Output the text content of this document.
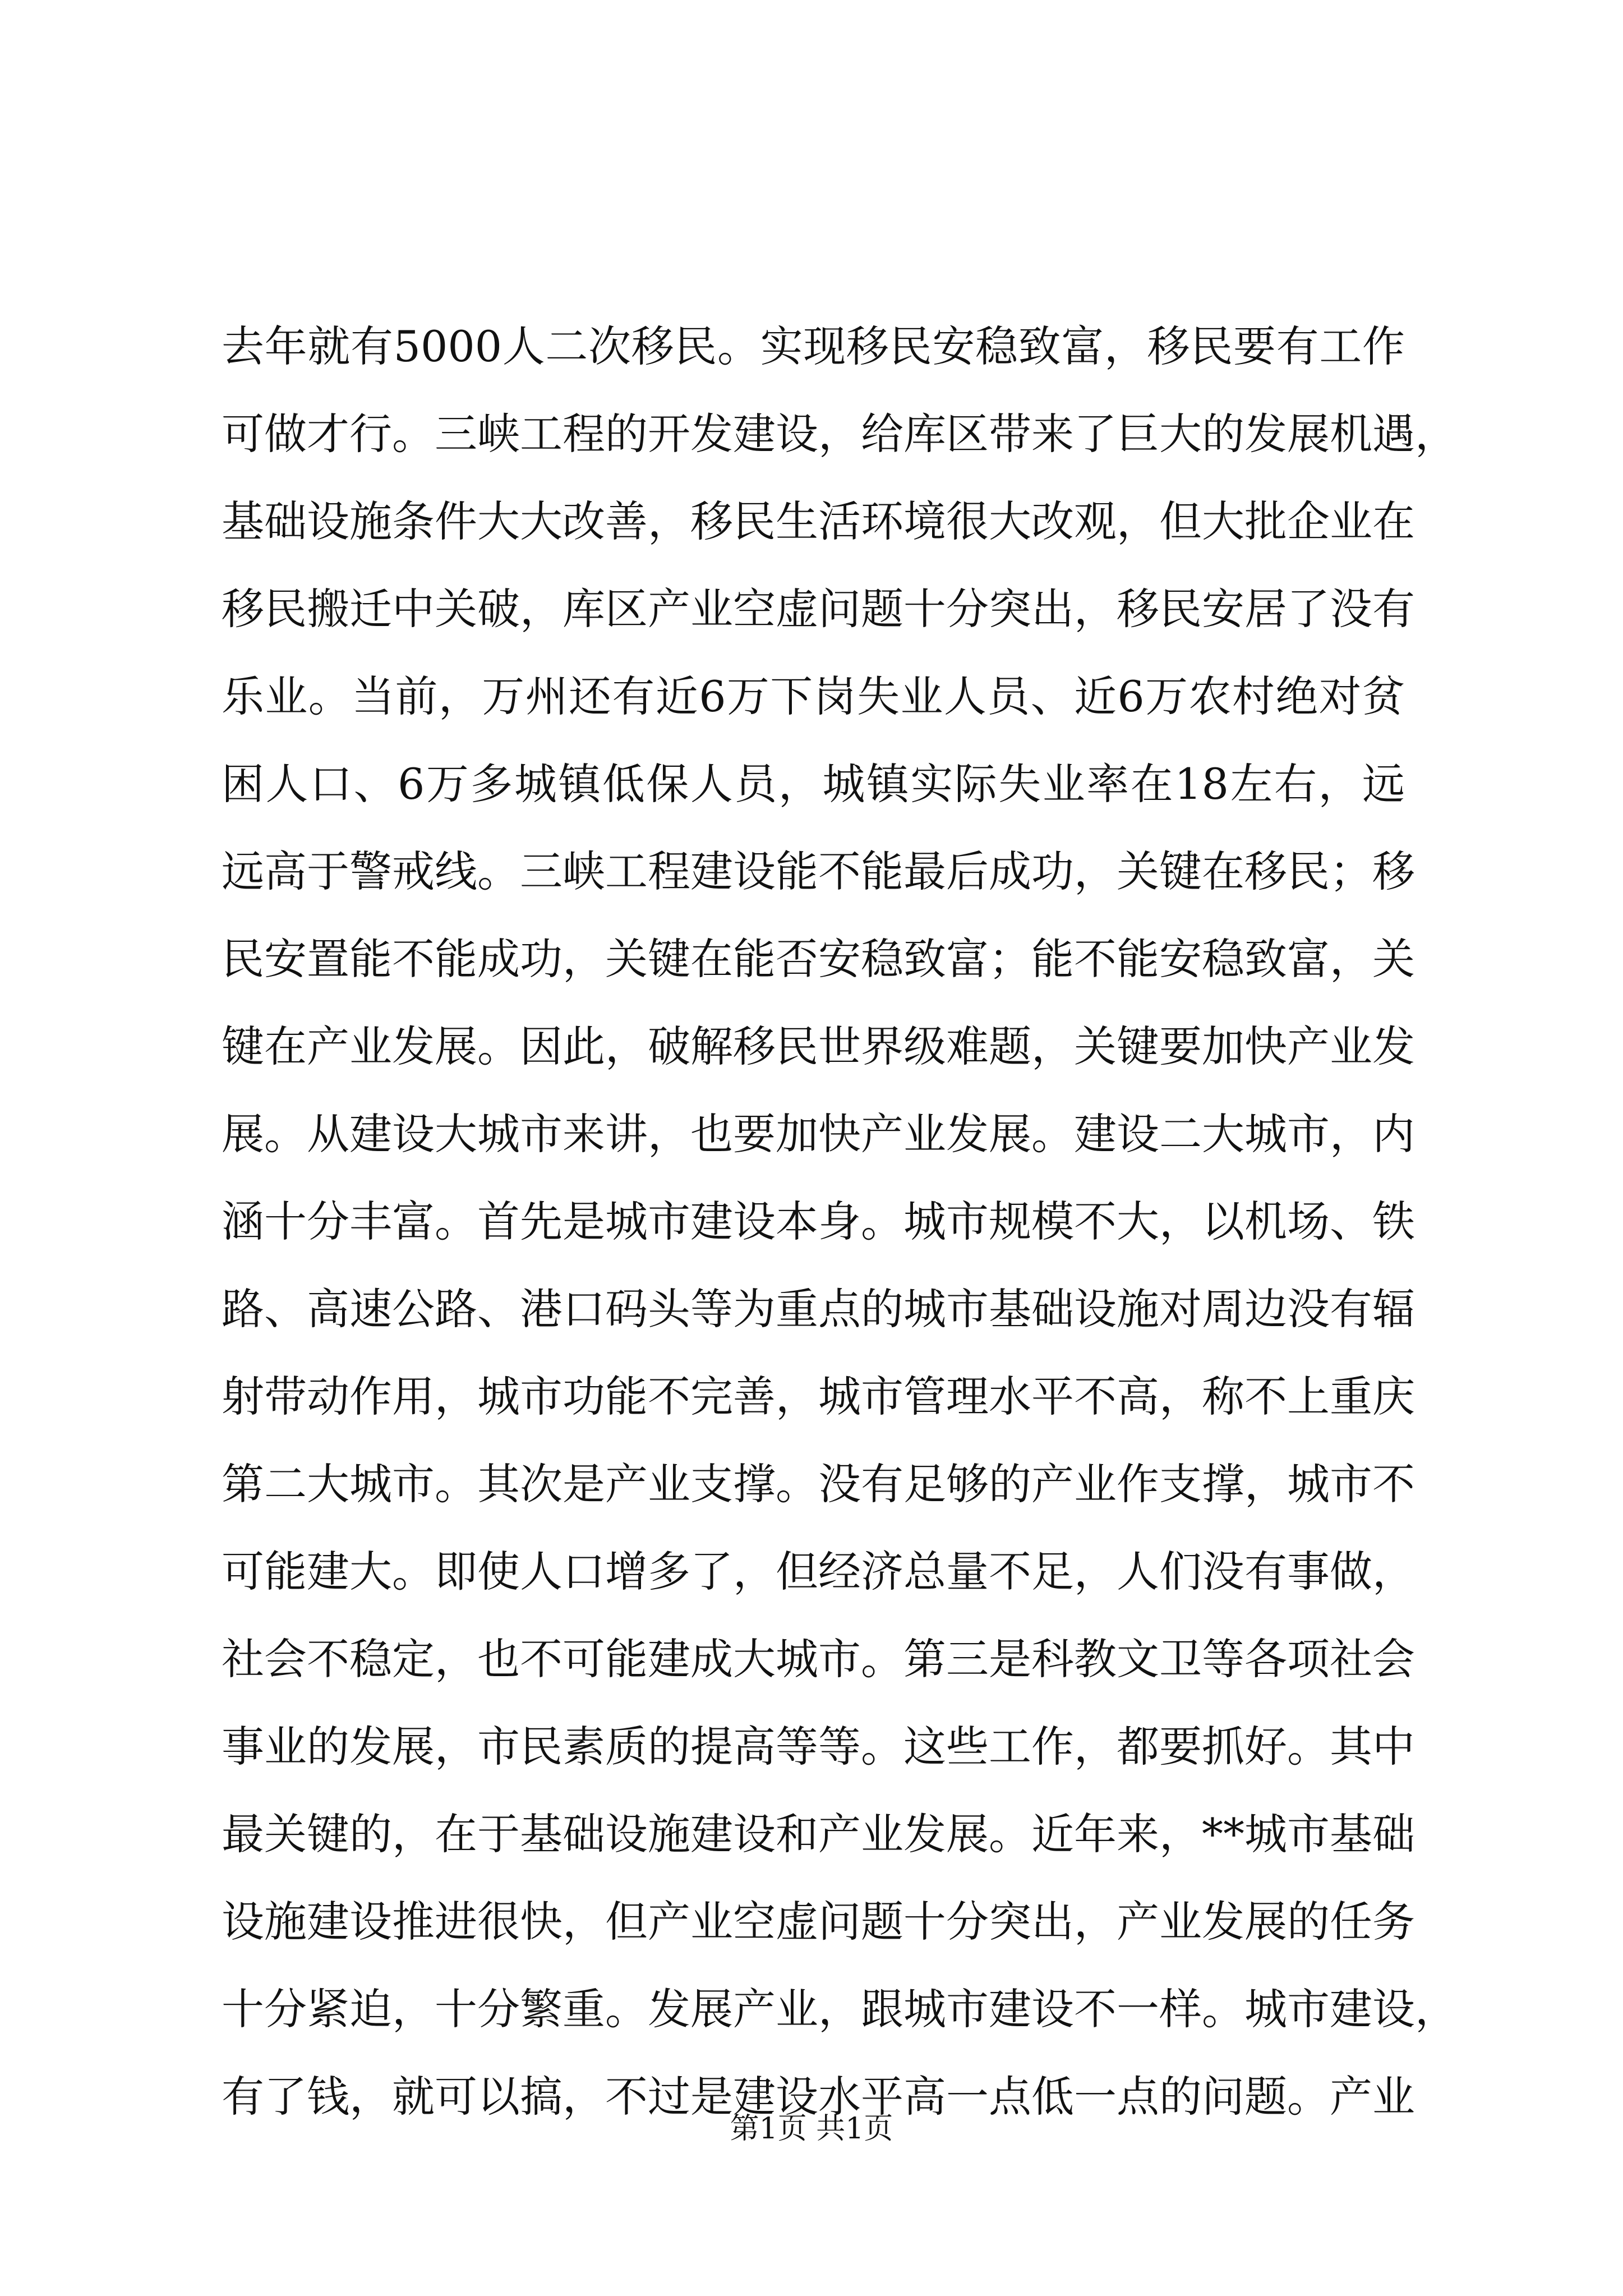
去年就有5000人二次移民。实现移民安稳致富，移民要有工作
可做才行。三峡工程的开发建设，给库区带来了巨大的发展机遇，
基础设施条件大大改善，移民生活环境很大改观，但大批企业在
移民搬迁中关破，库区产业空虚问题十分突出，移民安居了没有
乐业。当前，万州还有近6万下岗失业人员、近6万农村绝对贫
困人口、6万多城镇低保人员，城镇实际失业率在18左右，远
远高于警戒线。三峡工程建设能不能最后成功，关键在移民；移
民安置能不能成功，关键在能否安稳致富；能不能安稳致富，关
键在产业发展。因此，破解移民世界级难题，关键要加快产业发
展。从建设大城市来讲，也要加快产业发展。建设二大城市，内
涵十分丰富。首先是城市建设本身。城市规模不大，以机场、铁
路、高速公路、港口码头等为重点的城市基础设施对周边没有辐
射带动作用，城市功能不完善，城市管理水平不高，称不上重庆
第二大城市。其次是产业支撑。没有足够的产业作支撑，城市不
可能建大。即使人口增多了，但经济总量不足，人们没有事做，
社会不稳定，也不可能建成大城市。第三是科教文卫等各项社会
事业的发展，市民素质的提高等等。这些工作，都要抓好。其中
最关键的，在于基础设施建设和产业发展。近年来，**城市基础
设施建设推进很快，但产业空虚问题十分突出，产业发展的任务
十分紧迫，十分繁重。发展产业，跟城市建设不一样。城市建设，
有了钱，就可以搞，不过是建设水平高一点低一点的问题。产业
第1页 共1页
